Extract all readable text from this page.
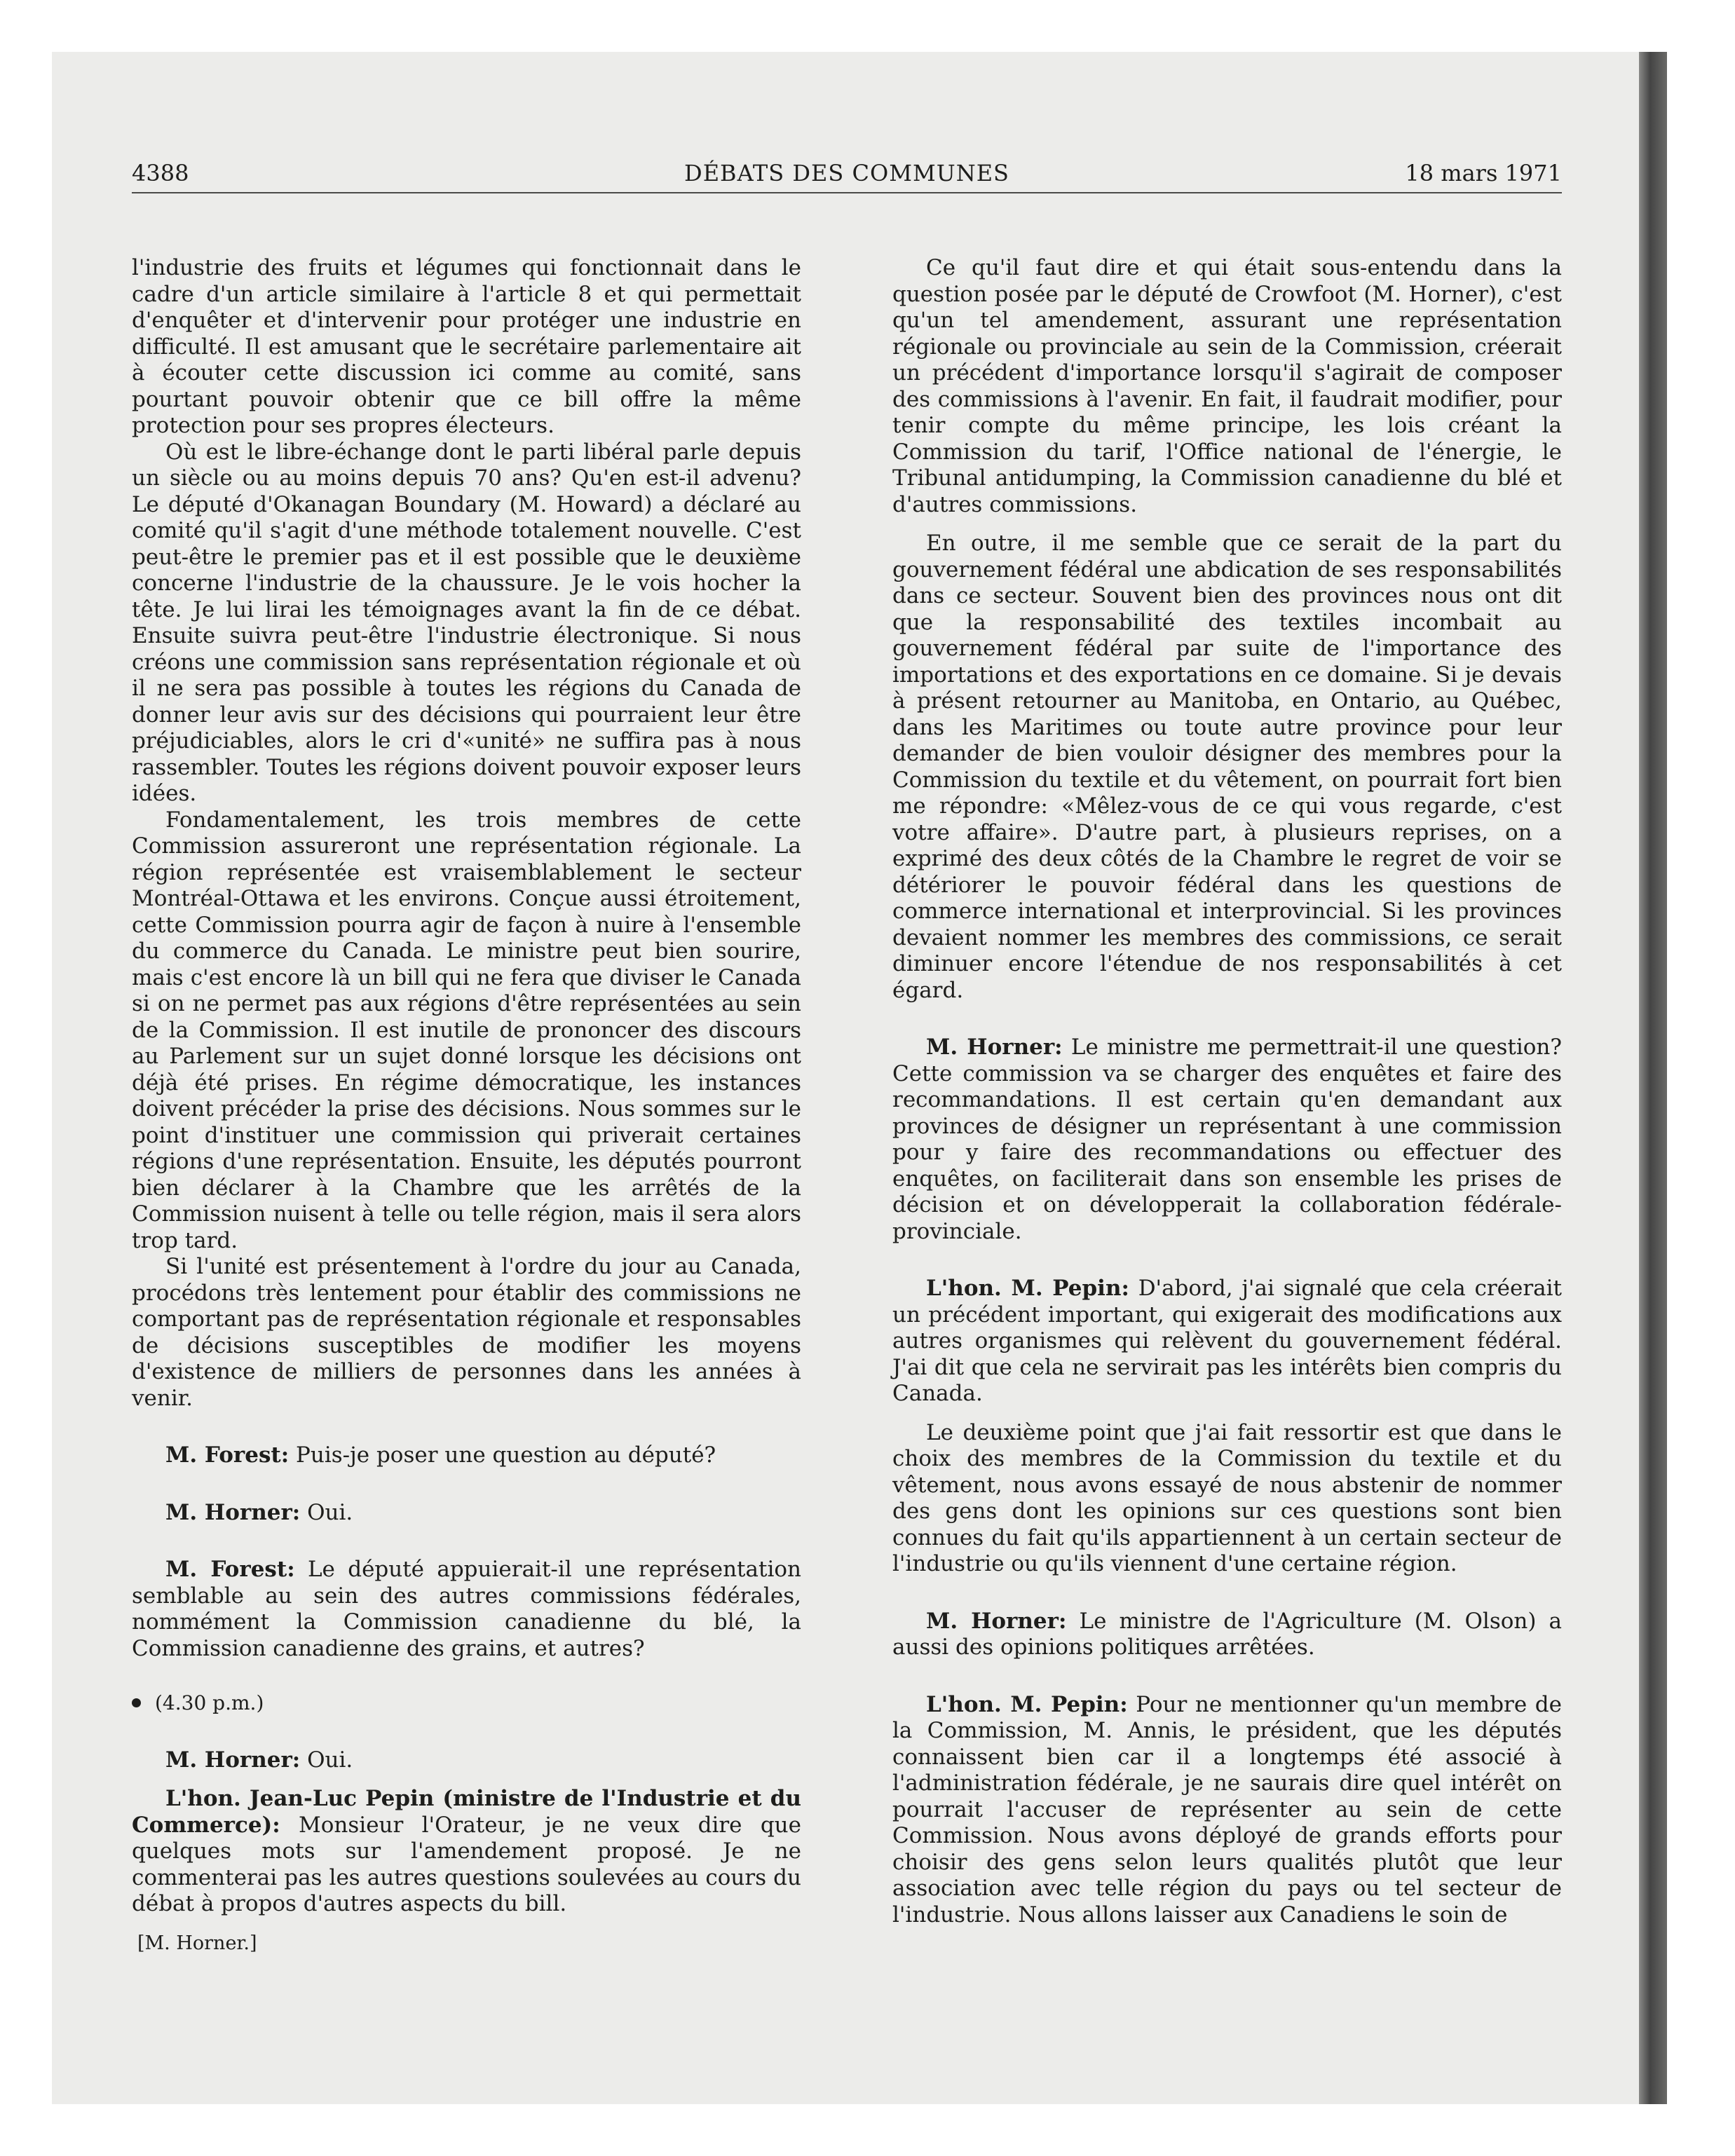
4388	DÉBATS DES COMMUNES	18 mars 1971

l'industrie des fruits et légumes qui fonctionnait dans le cadre d'un article similaire à l'article 8 et qui permettait d'enquêter et d'intervenir pour protéger une industrie en difficulté. Il est amusant que le secrétaire parlementaire ait à écouter cette discussion ici comme au comité, sans pourtant pouvoir obtenir que ce bill offre la même protection pour ses propres électeurs.

Où est le libre-échange dont le parti libéral parle depuis un siècle ou au moins depuis 70 ans? Qu'en est-il advenu? Le député d'Okanagan Boundary (M. Howard) a déclaré au comité qu'il s'agit d'une méthode totalement nouvelle. C'est peut-être le premier pas et il est possible que le deuxième concerne l'industrie de la chaussure. Je le vois hocher la tête. Je lui lirai les témoignages avant la fin de ce débat. Ensuite suivra peut-être l'industrie électronique. Si nous créons une commission sans représentation régionale et où il ne sera pas possible à toutes les régions du Canada de donner leur avis sur des décisions qui pourraient leur être préjudiciables, alors le cri d'«unité» ne suffira pas à nous rassembler. Toutes les régions doivent pouvoir exposer leurs idées.

Fondamentalement, les trois membres de cette Commission assureront une représentation régionale. La région représentée est vraisemblablement le secteur Montréal-Ottawa et les environs. Conçue aussi étroitement, cette Commission pourra agir de façon à nuire à l'ensemble du commerce du Canada. Le ministre peut bien sourire, mais c'est encore là un bill qui ne fera que diviser le Canada si on ne permet pas aux régions d'être représentées au sein de la Commission. Il est inutile de prononcer des discours au Parlement sur un sujet donné lorsque les décisions ont déjà été prises. En régime démocratique, les instances doivent précéder la prise des décisions. Nous sommes sur le point d'instituer une commission qui priverait certaines régions d'une représentation. Ensuite, les députés pourront bien déclarer à la Chambre que les arrêtés de la Commission nuisent à telle ou telle région, mais il sera alors trop tard.

Si l'unité est présentement à l'ordre du jour au Canada, procédons très lentement pour établir des commissions ne comportant pas de représentation régionale et responsables de décisions susceptibles de modifier les moyens d'existence de milliers de personnes dans les années à venir.

M. Forest: Puis-je poser une question au député?

M. Horner: Oui.

M. Forest: Le député appuierait-il une représentation semblable au sein des autres commissions fédérales, nommément la Commission canadienne du blé, la Commission canadienne des grains, et autres?

(4.30 p.m.)

M. Horner: Oui.

L'hon. Jean-Luc Pepin (ministre de l'Industrie et du Commerce): Monsieur l'Orateur, je ne veux dire que quelques mots sur l'amendement proposé. Je ne commenterai pas les autres questions soulevées au cours du débat à propos d'autres aspects du bill.

[M. Horner.]

Ce qu'il faut dire et qui était sous-entendu dans la question posée par le député de Crowfoot (M. Horner), c'est qu'un tel amendement, assurant une représentation régionale ou provinciale au sein de la Commission, créerait un précédent d'importance lorsqu'il s'agirait de composer des commissions à l'avenir. En fait, il faudrait modifier, pour tenir compte du même principe, les lois créant la Commission du tarif, l'Office national de l'énergie, le Tribunal antidumping, la Commission canadienne du blé et d'autres commissions.

En outre, il me semble que ce serait de la part du gouvernement fédéral une abdication de ses responsabilités dans ce secteur. Souvent bien des provinces nous ont dit que la responsabilité des textiles incombait au gouvernement fédéral par suite de l'importance des importations et des exportations en ce domaine. Si je devais à présent retourner au Manitoba, en Ontario, au Québec, dans les Maritimes ou toute autre province pour leur demander de bien vouloir désigner des membres pour la Commission du textile et du vêtement, on pourrait fort bien me répondre: «Mêlez-vous de ce qui vous regarde, c'est votre affaire». D'autre part, à plusieurs reprises, on a exprimé des deux côtés de la Chambre le regret de voir se détériorer le pouvoir fédéral dans les questions de commerce international et interprovincial. Si les provinces devaient nommer les membres des commissions, ce serait diminuer encore l'étendue de nos responsabilités à cet égard.

M. Horner: Le ministre me permettrait-il une question? Cette commission va se charger des enquêtes et faire des recommandations. Il est certain qu'en demandant aux provinces de désigner un représentant à une commission pour y faire des recommandations ou effectuer des enquêtes, on faciliterait dans son ensemble les prises de décision et on développerait la collaboration fédérale-provinciale.

L'hon. M. Pepin: D'abord, j'ai signalé que cela créerait un précédent important, qui exigerait des modifications aux autres organismes qui relèvent du gouvernement fédéral. J'ai dit que cela ne servirait pas les intérêts bien compris du Canada.

Le deuxième point que j'ai fait ressortir est que dans le choix des membres de la Commission du textile et du vêtement, nous avons essayé de nous abstenir de nommer des gens dont les opinions sur ces questions sont bien connues du fait qu'ils appartiennent à un certain secteur de l'industrie ou qu'ils viennent d'une certaine région.

M. Horner: Le ministre de l'Agriculture (M. Olson) a aussi des opinions politiques arrêtées.

L'hon. M. Pepin: Pour ne mentionner qu'un membre de la Commission, M. Annis, le président, que les députés connaissent bien car il a longtemps été associé à l'administration fédérale, je ne saurais dire quel intérêt on pourrait l'accuser de représenter au sein de cette Commission. Nous avons déployé de grands efforts pour choisir des gens selon leurs qualités plutôt que leur association avec telle région du pays ou tel secteur de l'industrie. Nous allons laisser aux Canadiens le soin de
